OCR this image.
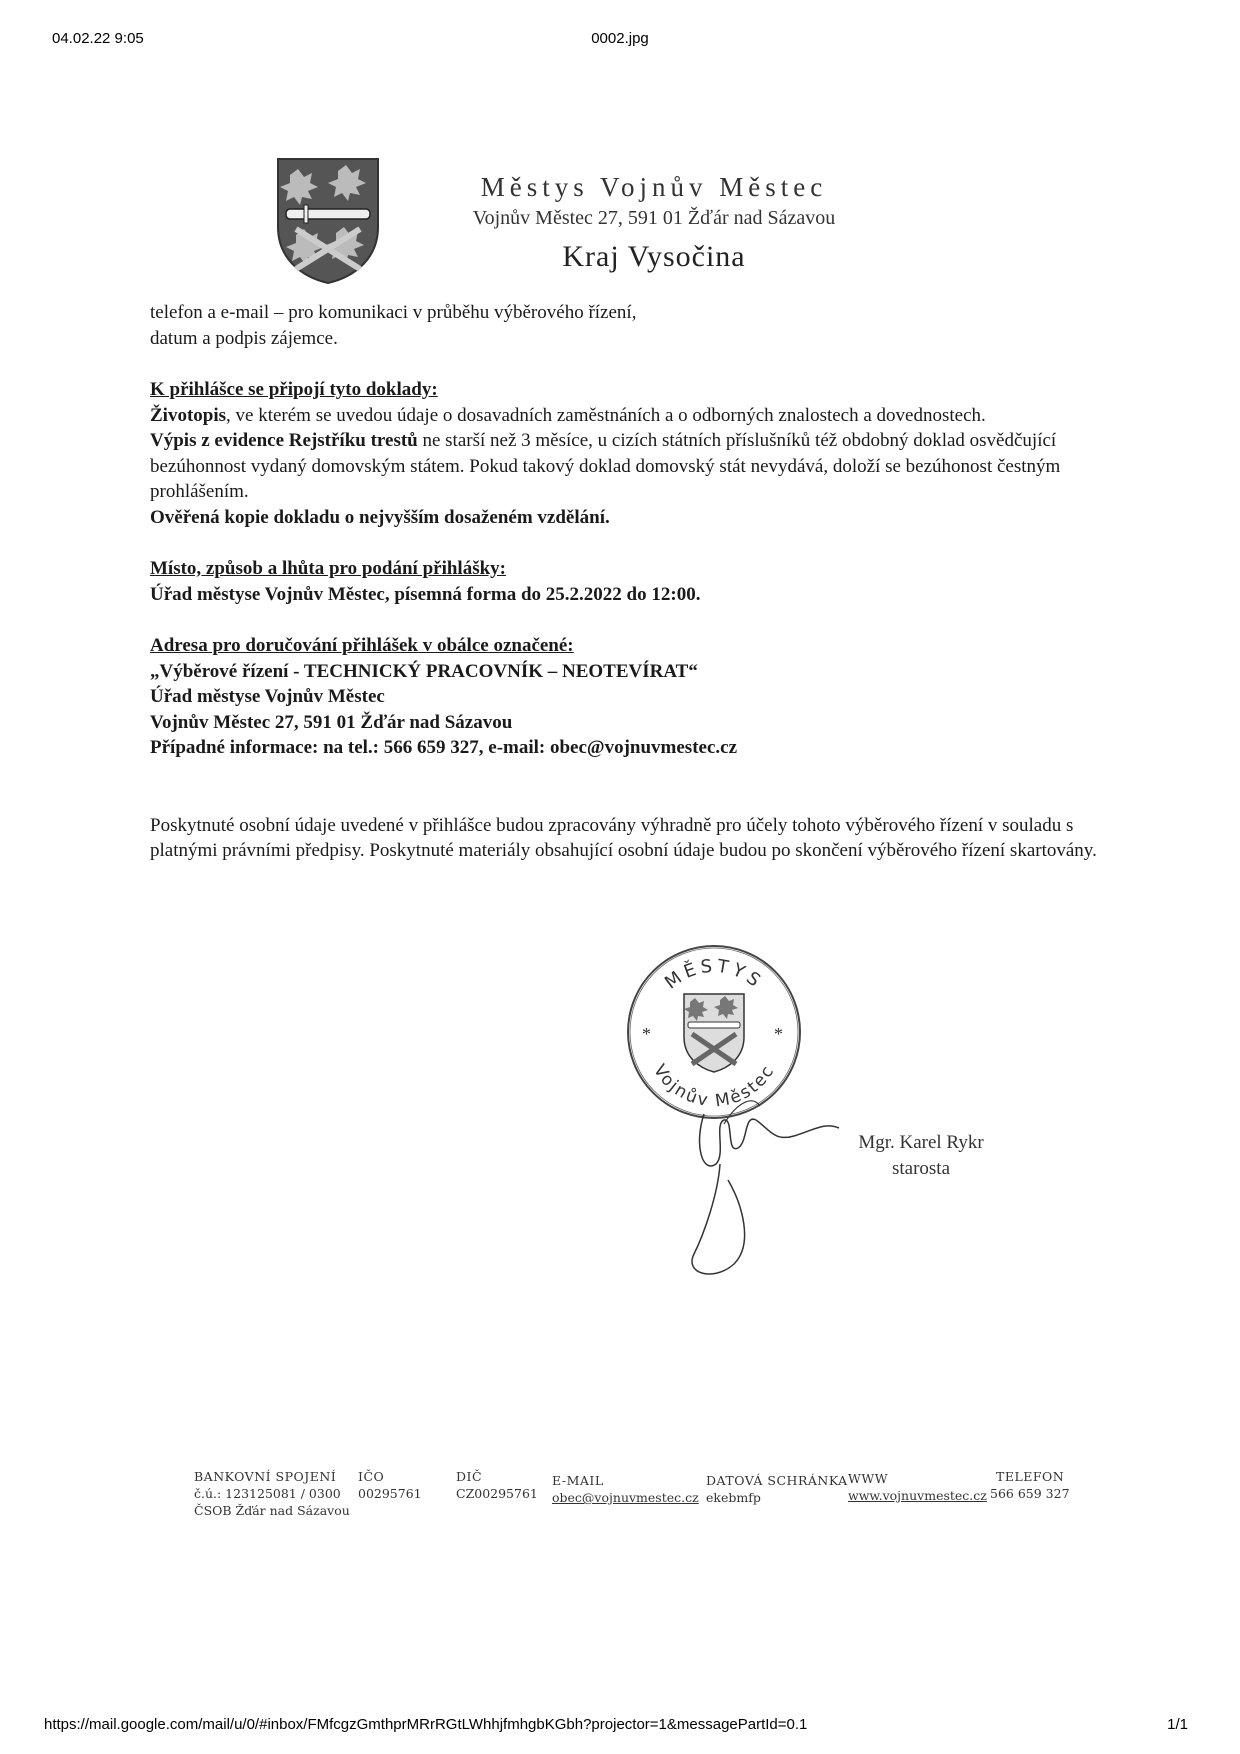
04.02.22 9:05	0002.jpg
Městys Vojnův Městec
Vojnův Městec 27, 591 01 Žďár nad Sázavou
Kraj Vysočina

telefon a e-mail – pro komunikaci v průběhu výběrového řízení,

datum a podpis zájemce.

K přihlášce se připojí tyto doklady:

Životopis, ve kterém se uvedou údaje o dosavadních zaměstnáních a o odborných znalostech a dovednostech.

Výpis z evidence Rejstříku trestů ne starší než 3 měsíce, u cizích státních příslušníků též obdobný doklad osvědčující bezúhonnost vydaný domovským státem. Pokud takový doklad domovský stát nevydává, doloží se bezúhonost čestným prohlášením.

Ověřená kopie dokladu o nejvyšším dosaženém vzdělání.

Místo, způsob a lhůta pro podání přihlášky:

Úřad městyse Vojnův Městec, písemná forma do 25.2.2022 do 12:00.

Adresa pro doručování přihlášek v obálce označené:

„Výběrové řízení - TECHNICKÝ PRACOVNÍK – NEOTEVÍRAT“

Úřad městyse Vojnův Městec

Vojnův Městec 27, 591 01 Žďár nad Sázavou

Případné informace: na tel.: 566 659 327, e-mail: obec@vojnuvmestec.cz

Poskytnuté osobní údaje uvedené v přihlášce budou zpracovány výhradně pro účely tohoto výběrového řízení v souladu s platnými právními předpisy. Poskytnuté materiály obsahující osobní údaje budou po skončení výběrového řízení skartovány.

MĚSTYS
Vojnův Městec
*	*
Mgr. Karel Rykr
starosta
BANKOVNÍ SPOJENÍ
č.ú.: 123125081 / 0300
ČSOB Žďár nad Sázavou
IČO
00295761
DIČ
CZ00295761
E-MAIL
obec@vojnuvmestec.cz
DATOVÁ SCHRÁNKA
ekebmfp
WWW
www.vojnuvmestec.cz
TELEFON
566 659 327
https://mail.google.com/mail/u/0/#inbox/FMfcgzGmthprMRrRGtLWhhjfmhgbKGbh?projector=1&messagePartId=0.1	1/1
